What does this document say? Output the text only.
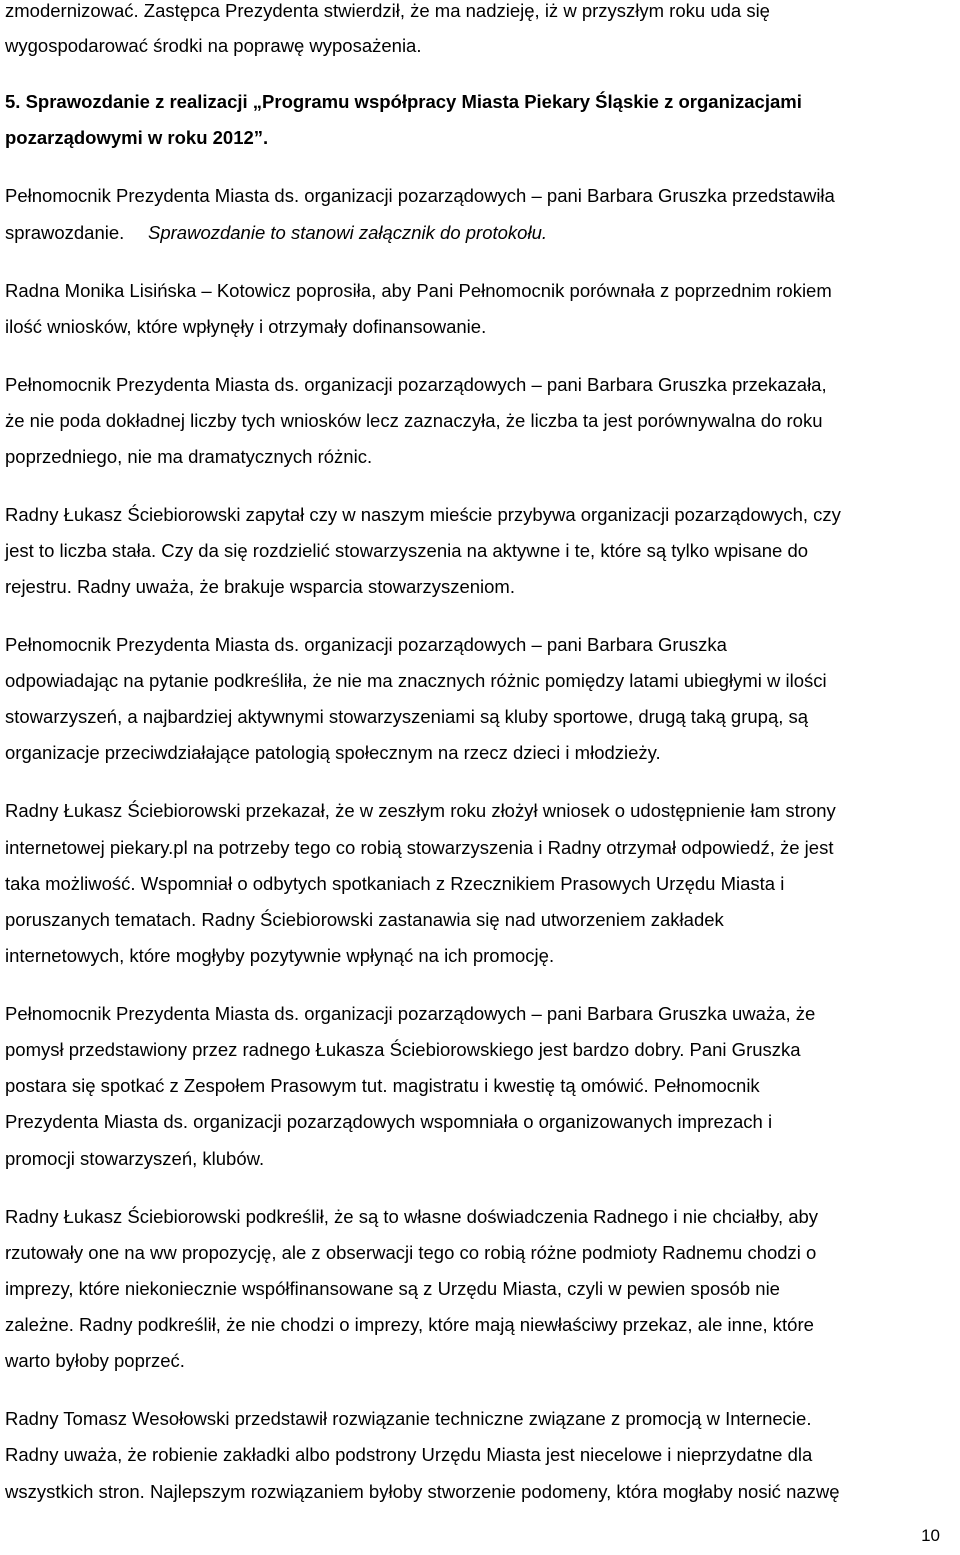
zmodernizować. Zastępca Prezydenta stwierdził, że ma nadzieję, iż w przyszłym roku uda się
wygospodarować środki na poprawę wyposażenia.
5. Sprawozdanie z realizacji „Programu współpracy Miasta Piekary Śląskie z organizacjami
pozarządowymi w roku 2012”.
Pełnomocnik Prezydenta Miasta ds. organizacji pozarządowych – pani Barbara Gruszka przedstawiła
sprawozdanie. Sprawozdanie to stanowi załącznik do protokołu.
Radna Monika Lisińska – Kotowicz poprosiła, aby Pani Pełnomocnik porównała z poprzednim rokiem
ilość wniosków, które wpłynęły i otrzymały dofinansowanie.
Pełnomocnik Prezydenta Miasta ds. organizacji pozarządowych – pani Barbara Gruszka przekazała,
że nie poda dokładnej liczby tych wniosków lecz zaznaczyła, że liczba ta jest porównywalna do roku
poprzedniego, nie ma dramatycznych różnic.
Radny Łukasz Ściebiorowski zapytał czy w naszym mieście przybywa organizacji pozarządowych, czy
jest to liczba stała. Czy da się rozdzielić stowarzyszenia na aktywne i te, które są tylko wpisane do
rejestru. Radny uważa, że brakuje wsparcia stowarzyszeniom.
Pełnomocnik Prezydenta Miasta ds. organizacji pozarządowych – pani Barbara Gruszka
odpowiadając na pytanie podkreśliła, że nie ma znacznych różnic pomiędzy latami ubiegłymi w ilości
stowarzyszeń, a najbardziej aktywnymi stowarzyszeniami są kluby sportowe, drugą taką grupą, są
organizacje przeciwdziałające patologią społecznym na rzecz dzieci i młodzieży.
Radny Łukasz Ściebiorowski przekazał, że w zeszłym roku złożył wniosek o udostępnienie łam strony
internetowej piekary.pl na potrzeby tego co robią stowarzyszenia i Radny otrzymał odpowiedź, że jest
taka możliwość. Wspomniał o odbytych spotkaniach z Rzecznikiem Prasowych Urzędu Miasta i
poruszanych tematach. Radny Ściebiorowski zastanawia się nad utworzeniem zakładek
internetowych, które mogłyby pozytywnie wpłynąć na ich promocję.
Pełnomocnik Prezydenta Miasta ds. organizacji pozarządowych – pani Barbara Gruszka uważa, że
pomysł przedstawiony przez radnego Łukasza Ściebiorowskiego jest bardzo dobry. Pani Gruszka
postara się spotkać z Zespołem Prasowym tut. magistratu i kwestię tą omówić. Pełnomocnik
Prezydenta Miasta ds. organizacji pozarządowych wspomniała o organizowanych imprezach i
promocji stowarzyszeń, klubów.
Radny Łukasz Ściebiorowski podkreślił, że są to własne doświadczenia Radnego i nie chciałby, aby
rzutowały one na ww propozycję, ale z obserwacji tego co robią różne podmioty Radnemu chodzi o
imprezy, które niekoniecznie współfinansowane są z Urzędu Miasta, czyli w pewien sposób nie
zależne. Radny podkreślił, że nie chodzi o imprezy, które mają niewłaściwy przekaz, ale inne, które
warto byłoby poprzeć.
Radny Tomasz Wesołowski przedstawił rozwiązanie techniczne związane z promocją w Internecie.
Radny uważa, że robienie zakładki albo podstrony Urzędu Miasta jest niecelowe i nieprzydatne dla
wszystkich stron. Najlepszym rozwiązaniem byłoby stworzenie podomeny, która mogłaby nosić nazwę
10
